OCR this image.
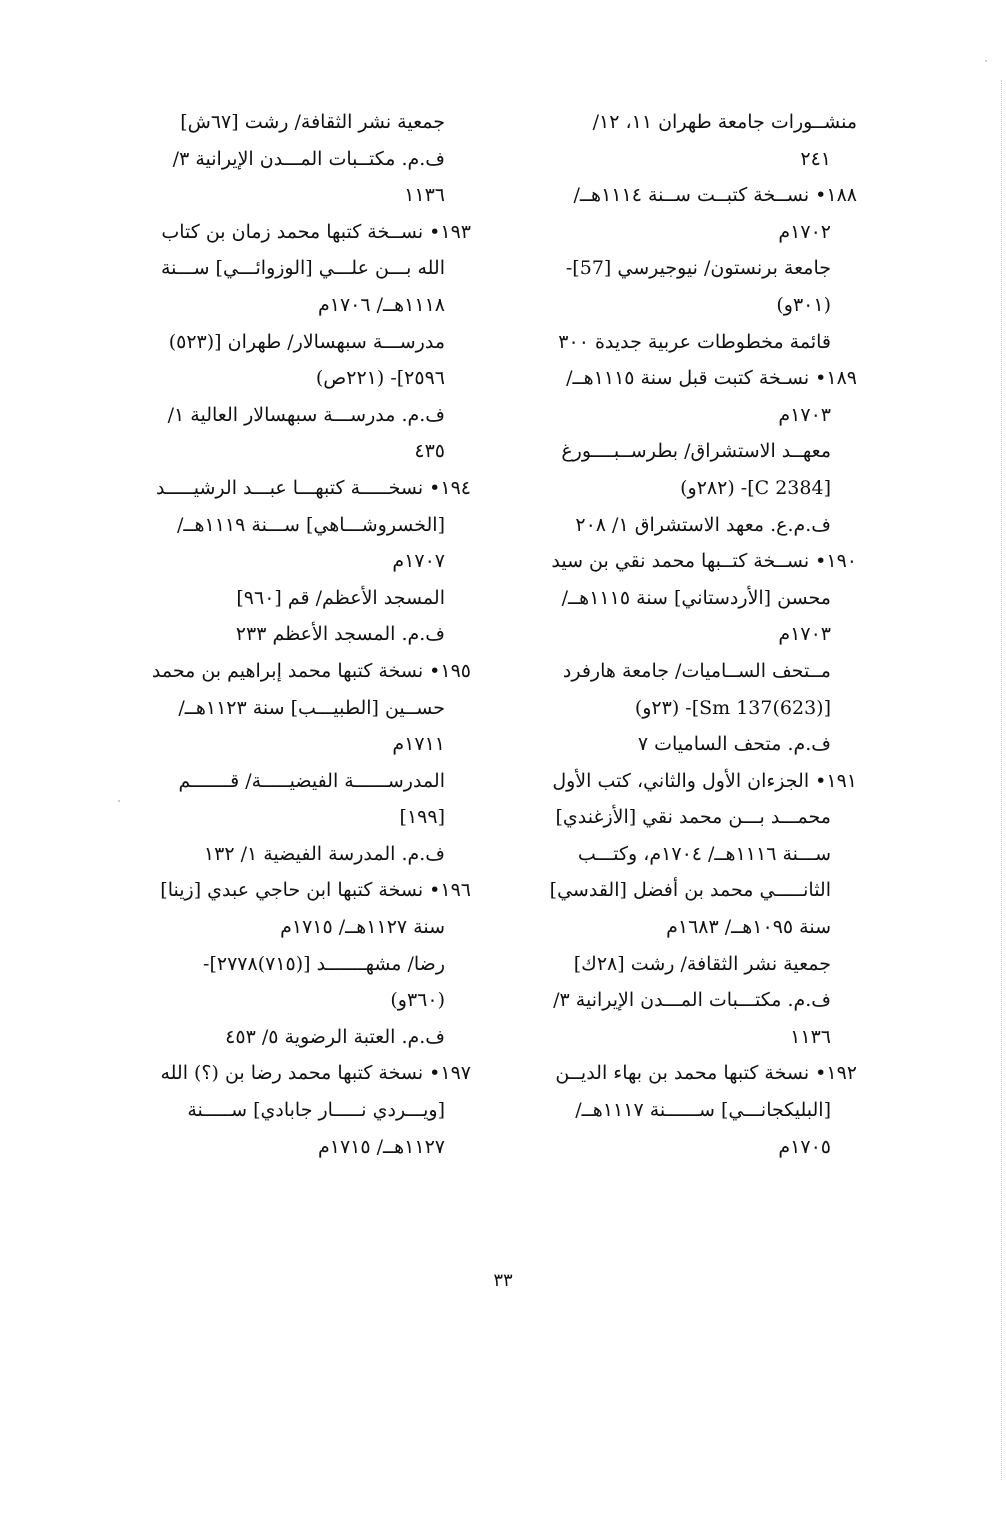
منشــورات جامعة طهران ١١، ١٢/
٢٤١
١٨٨• نســخة كتبــت ســنة ١١١٤هــ/
١٧٠٢م
جامعة برنستون/ نيوجيرسي [57]-
(٣٠١و)
قائمة مخطوطات عربية جديدة ٣٠٠
١٨٩• نسـخة كتبت قبل سنة ١١١٥هــ/
١٧٠٣م
معهــد الاستشراق/ بطرســبــــورغ
[C 2384]- (٢٨٢و)
ف.م.ع. معهد الاستشراق ١/ ٢٠٨
١٩٠• نســخة كتــبها محمد نقي بن سيد
محسن [الأردستاني] سنة ١١١٥هــ/
١٧٠٣م
مــتحف الســاميات/ جامعة هارفرد
[Sm 137(623)]- (٢٣و)
ف.م. متحف الساميات ٧
١٩١• الجزءان الأول والثاني، كتب الأول
محمـــد بـــن محمد نقي [الأزغندي]
ســـنة ١١١٦هــ/ ١٧٠٤م، وكتـــب
الثانـــــي محمد بن أفضل [القدسي]
سنة ١٠٩٥هــ/ ١٦٨٣م
جمعية نشر الثقافة/ رشت [٢٨ك]
ف.م. مكتـــبات المـــدن الإيرانية ٣/
١١٣٦
١٩٢• نسخة كتبها محمد بن بهاء الديــن
[البليكجانـــي] ســــــنة ١١١٧هــ/
١٧٠٥م
جمعية نشر الثقافة/ رشت [٦٧ش]
ف.م. مكتــبات المـــدن الإيرانية ٣/
١١٣٦
١٩٣• نســخة كتبها محمد زمان بن كتاب
الله بـــن علـــي [الوزوائـــي] ســـنة
١١١٨هــ/ ١٧٠٦م
مدرســـة سبهسالار/ طهران [(٥٢٣)
٢٥٩٦]- (٢٢١ص)
ف.م. مدرســـة سبهسالار العالية ١/
٤٣٥
١٩٤• نسخـــــة كتبهـــا عبـــد الرشيـــــد
[الخسروشـــاهي] ســـنة ١١١٩هــ/
١٧٠٧م
المسجد الأعظم/ قم [٩٦٠]
ف.م. المسجد الأعظم ٢٣٣
١٩٥• نسخة كتبها محمد إبراهيم بن محمد
حســين [الطبيـــب] سنة ١١٢٣هــ/
١٧١١م
المدرســــــة الفيضيـــــة/ قـــــــم
[١٩٩]
ف.م. المدرسة الفيضية ١/ ١٣٢
١٩٦• نسخة كتبها ابن حاجي عبدي [زينا]
سنة ١١٢٧هــ/ ١٧١٥م
رضا/ مشهـــــــد [(٧١٥)٢٧٧٨]-
(٣٦٠و)
ف.م. العتبة الرضوية ٥/ ٤٥٣
١٩٧• نسخة كتبها محمد رضا بن (؟) الله
[ويـــردي نـــــار جابادي] ســـــنة
١١٢٧هــ/ ١٧١٥م
٣٣
